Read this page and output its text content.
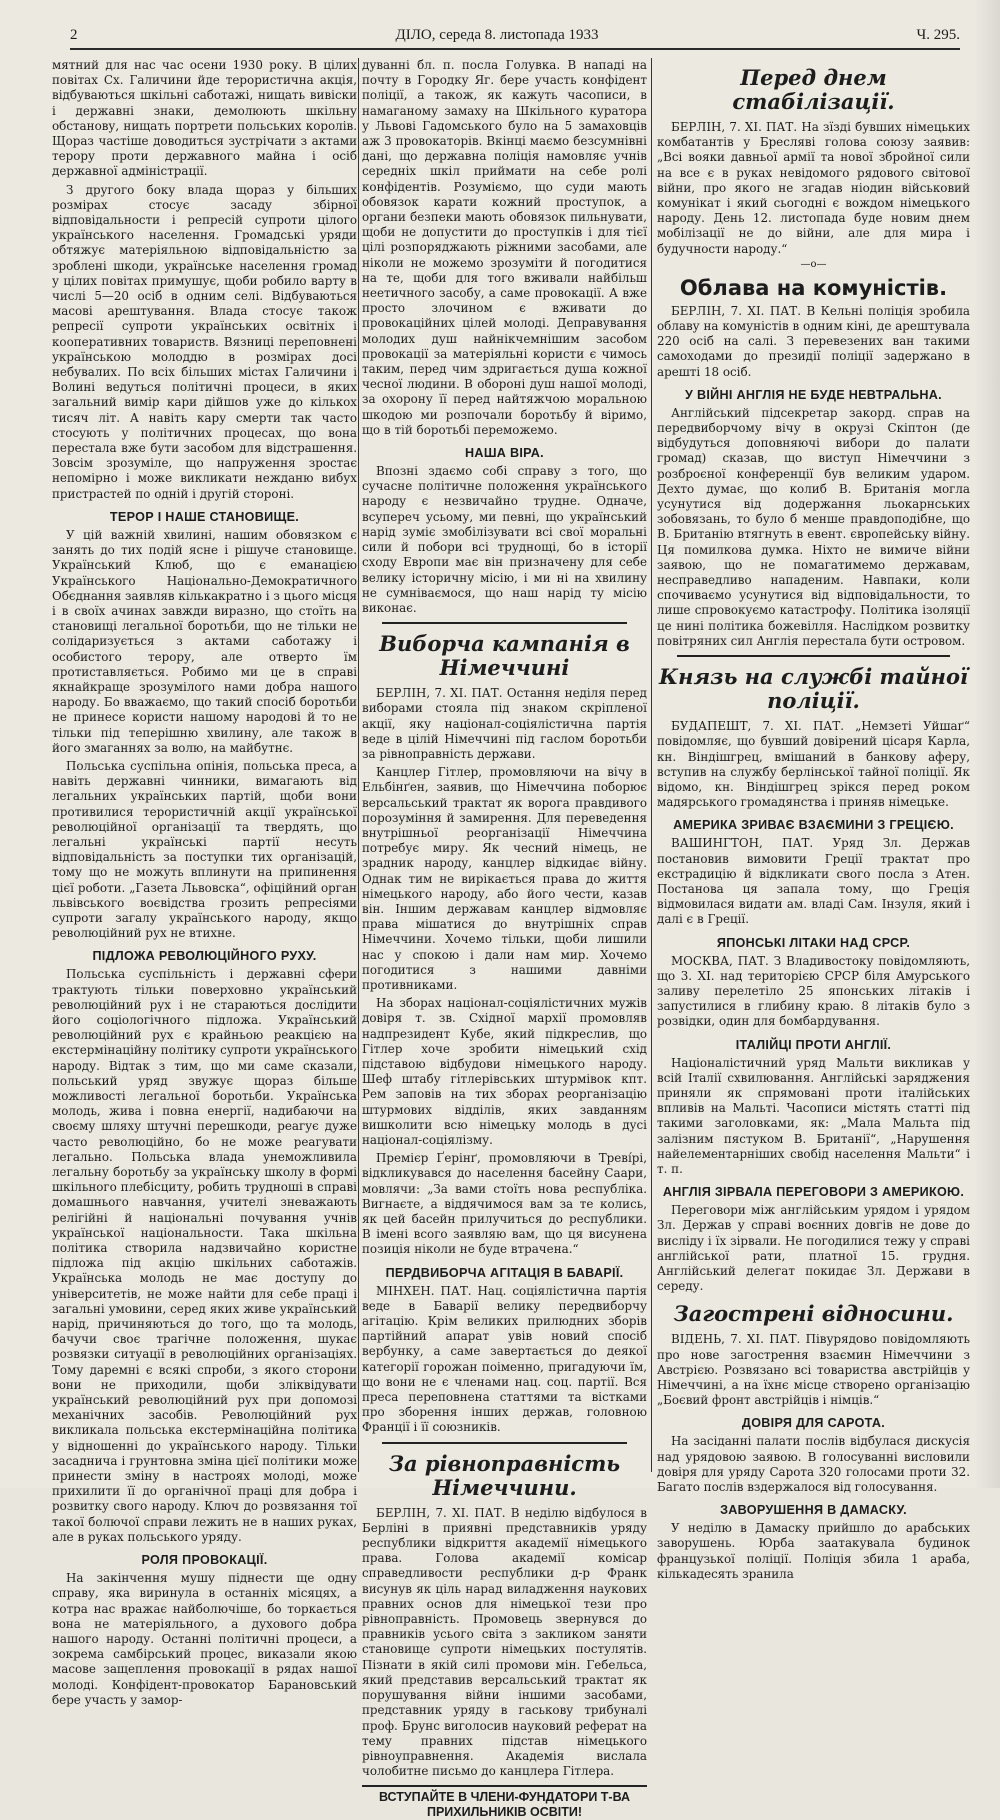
2	ДІЛО, середа 8. листопада 1933	Ч. 295.

мятний для нас час осени 1930 року. В цілих повітах Сх. Галичини йде терористична акція, відбуваються шкільні саботажі, нищать вивіски і державні знаки, демолюють шкільну обстанову, нищать портрети польських королів. Щораз частіше доводиться зустрічати з актами терору проти державного майна і осіб державної адміністрації.

З другого боку влада щораз у більших розмірах стосує засаду збірної відповідальности і репресій супроти цілого українського населення. Громадські уряди обтяжує матеріяльною відповідальністю за зроблені шкоди, українське населення громад у цілих повітах примушує, щоби робило варту в числі 5—20 осіб в одним селі. Відбуваються масові арештування. Влада стосує також репресії супроти українських освітніх і кооперативних товариств. Вязниці переповнені українською молоддю в розмірах досі небувалих. По всіх більших містах Галичини і Волині ведуться політичні процеси, в яких загальний вимір кари дійшов уже до кількох тисяч літ. А навіть кару смерти так часто стосують у політичних процесах, що вона перестала вже бути засобом для відстрашення. Зовсім зрозуміле, що напруження зростає непомірно і може викликати нежданю вибух пристрастей по одній і другій стороні.

ТЕРОР І НАШЕ СТАНОВИЩЕ.

У цій важній хвилині, нашим обовязком є занять до тих подій ясне і рішуче становище. Український Клюб, що є еманацією Українського Національно-Демократичного Обєднання заявляв кількакратно і з цього місця і в своїх ачинах завжди виразно, що стоїть на становищі легальної боротьби, що не тільки не солідаризується з актами саботажу і особистого терору, але отверто їм протиставляється. Робимо ми це в справі якнайкраще зрозумілого нами добра нашого народу. Бо вважаємо, що такий спосіб боротьби не принесе користи нашому народові й то не тільки під теперішню хвилину, але також в його змаганнях за волю, на майбутнє.

Польська суспільна опінія, польська преса, а навіть державні чинники, вимагають від легальних українських партій, щоби вони противилися терористичній акції української революційної організації та твердять, що легальні українські партії несуть відповідальність за поступки тих організацій, тому що не можуть вплинути на припинення цієї роботи. „Газета Львовска“, офіційний орган львівського воєвідства грозить репресіями супроти загалу українського народу, якщо революційний рух не втихне.

ПІДЛОЖА РЕВОЛЮЦІЙНОГО РУХУ.

Польська суспільність і державні сфери трактують тільки поверховно український революційний рух і не стараються дослідити його соціологічного підложа. Український революційний рух є крайньою реакцією на екстермінаційну політику супроти українського народу. Відтак з тим, що ми саме сказали, польський уряд звужує щораз більше можливості легальної боротьби. Українська молодь, жива і повна енергії, надибаючи на своєму шляху штучні перешкоди, реагує дуже часто революційно, бо не може реагувати легально. Польська влада унеможливила легальну боротьбу за українську школу в формі шкільного плебісциту, робить трудноші в справі домашнього навчання, учителі зневажають релігійні й національні почування учнів української національности. Така шкільна політика створила надзвичайно користне підложа під акцію шкільних саботажів. Українська молодь не має доступу до університетів, не може найти для себе праці і загальні умовини, серед яких живе український нарід, причиняються до того, що та молодь, бачучи своє трагічне положення, шукає розвязки ситуації в революційних організаціях. Тому даремні є всякі спроби, з якого сторони вони не приходили, щоби зліквідувати український революційний рух при допомозі механічних засобів. Революційний рух викликала польська екстермінаційна політика у відношенні до українського народу. Тільки засаднича і грунтовна зміна цієї політики може принести зміну в настроях молоді, може прихилити її до органічної праці для добра і розвитку свого народу. Ключ до розвязання тої такої болючої справи лежить не в наших руках, але в руках польського уряду.

РОЛЯ ПРОВОКАЦІЇ.

На закінчення мушу піднести ще одну справу, яка виринула в останніх місяцях, а котра нас вражає найболючіше, бо торкається вона не матеріяльного, а духового добра нашого народу. Останні політичні процеси, а зокрема самбірський процес, виказали якою масове защеплення провокації в рядах нашої молоді. Конфідент-провокатор Барановський бере участь у замор-

дуванні бл. п. посла Голувка. В нападі на почту в Городку Яг. бере участь конфідент поліції, а також, як кажуть часописи, в намаганому замаху на Шкільного куратора у Львові Гадомського було на 5 замаховців аж 3 провокаторів. Вкінці маємо безсумнівні дані, що державна поліція намовляє учнів середніх шкіл приймати на себе ролі конфідентів. Розуміємо, що суди мають обовязок карати кожний проступок, а органи безпеки мають обовязок пильнувати, щоби не допустити до проступків і для тієї цілі розпоряджають ріжними засобами, але ніколи не можемо зрозуміти й погодитися на те, щоби для того вживали найбільш неетичного засобу, а саме провокації. А вже просто злочином є вживати до провокаційних цілей молоді. Деправування молодих душ найнікчемнішим засобом провокації за матеріяльні користи є чимось таким, перед чим здригається душа кожної чесної людини. В обороні душ нашої молоді, за охорону її перед найтяжчою моральною шкодою ми розпочали боротьбу й віримо, що в тій боротьбі переможемо.

НАША ВІРА.

Впозні здаємо собі справу з того, що сучасне політичне положення українського народу є незвичайно трудне. Одначе, всупереч усьому, ми певні, що український нарід зуміє змобілізувати всі свої моральні сили й побори всі труднощі, бо в історії сходу Европи має він призначену для себе велику історичну місію, і ми ні на хвилину не сумніваємося, що наш нарід ту місію виконає.

Виборча кампанія в Німеччині

БЕРЛІН, 7. ХІ. ПАТ. Остання неділя перед виборами стояла під знаком скріпленої акції, яку націонал-соціялістична партія веде в цілій Німеччині під гаслом боротьби за рівноправність держави.

Канцлер Гітлер, промовляючи на вічу в Ельбінґен, заявив, що Німеччина поборює версальський трактат як ворога правдивого порозуміння й замирення. Для переведення внутрішньої реорганізації Німеччина потребує миру. Як чесний німець, не зрадник народу, канцлер відкидає війну. Однак тим не вирікається права до життя німецького народу, або його чести, казав він. Іншим державам канцлер відмовляє права мішатися до внутрішніх справ Німеччини. Хочемо тільки, щоби лишили нас у спокою і дали нам мир. Хочемо погодитися з нашими давніми противниками.

На зборах націонал-соціялістичних мужів довіря т. зв. Східної мархії промовляв надпрезидент Кубе, який підкреслив, що Гітлер хоче зробити німецький схід підставою відбудови німецького народу. Шеф штабу гітлерівських штурмівок кпт. Рем заповів на тих зборах реорганізацію штурмових відділів, яких завданням вишколити всю німецьку молодь в дусі націонал-соціялізму.

Премієр Ґерінґ, промовляючи в Треві́рі, відкликувався до населення басейну Саари, мовлячи: „За вами стоїть нова республіка. Вигнаєте, а віддячимося вам за те колись, як цей басейн прилучиться до республики. В імені всого заявляю вам, що ця висунена позиція ніколи не буде втрачена.“

ПЕРДВИБОРЧА АГІТАЦІЯ В БАВАРІЇ.

МІНХЕН. ПАТ. Нац. соціялістична партія веде в Баварії велику передвиборчу агітацію. Крім великих прилюдних зборів партійний апарат увів новий спосіб вербунку, а саме завертається до деякої категорії горожан поіменно, пригадуючи їм, що вони не є членами нац. соц. партії. Вся преса переповнена статтями та вістками про зборення інших держав, головною Франції і її союзників.

За рівноправність Німеччини.

БЕРЛІН, 7. ХІ. ПАТ. В неділю відбулося в Берліні в приявні представників уряду республики відкриття академії німецького права. Голова академії комісар справедливости республики д-р Франк висунув як ціль нарад виладження наукових правних основ для німецької тези про рівноправність. Промовець звернувся до правників усього світа з закликом заняти становище супроти німецьких постулятів. Пізнати в якій силі промови мін. Гебельса, який представив версальський трактат як порушування війни іншими засобами, представник уряду в гаськову трибуналі проф. Брунс виголосив науковий реферат на тему правних підстав німецького рівноуправнення. Академія вислала чолобитне письмо до канцлера Гітлера.

ВСТУПАЙТЕ В ЧЛЕНИ-ФУНДАТОРИ Т-ВА ПРИХИЛЬНИКІВ ОСВІТИ!
Перед днем стабілізації.

БЕРЛІН, 7. ХІ. ПАТ. На зїзді бувших німецьких комбатантів у Бресляві голова союзу заявив: „Всі вояки давньої армії та нової збройної сили на все є в руках невідомого рядового світової війни, про якого не згадав ніодин військовий комунікат і який сьогодні є вождом німецького народу. День 12. листопада буде новим днем мобілізації не до війни, але для мира і будучности народу.“

—о—
Облава на комуністів.

БЕРЛІН, 7. ХІ. ПАТ. В Кельні поліція зробила облаву на комуністів в одним кіні, де арештувала 220 осіб на салі. З перевезених ван такими самоходами до президії поліції задержано в арешті 18 осіб.

У ВІЙНІ АНГЛІЯ НЕ БУДЕ НЕВТРАЛЬНА.

Англійський підсекретар закорд. справ на передвиборчому вічу в окрузі Скіптон (де відбудуться доповняючі вибори до палати громад) сказав, що виступ Німеччини з розброєної конференції був великим ударом. Дехто думає, що колиб В. Британія могла усунутися від додержання льокарнських зобовязань, то було б менше правдоподібне, що В. Британію втягнуть в евент. європейську війну. Ця помилкова думка. Ніхто не вимиче війни заявою, що не помагатимемо державам, несправедливо нападеним. Навпаки, коли спочиваємо усунутися від відповідальности, то лише спровокуємо катастрофу. Політика ізоляції це нині політика божевілля. Наслідком розвитку повітряних сил Англія перестала бути островом.

Князь на службі тайної поліції.

БУДАПЕШТ, 7. ХІ. ПАТ. „Немзеті Уйшаґ“ повідомляє, що бувший довірений цісаря Карла, кн. Віндішгрец, вмішаний в банкову аферу, вступив на службу берлінської тайної поліції. Як відомо, кн. Віндішгрец зрікся перед роком мадярського громадянства і приняв німецьке.

АМЕРИКА ЗРИВАЄ ВЗАЄМИНИ З ГРЕЦІЄЮ.

ВАШИНГТОН, ПАТ. Уряд Зл. Держав постановив вимовити Греції трактат про екстрадицію й відкликати свого посла з Атен. Постанова ця запала тому, що Греція відмовилася видати ам. владі Сам. Інзуля, який і далі є в Греції.

ЯПОНСЬКІ ЛІТАКИ НАД СРСР.

МОСКВА, ПАТ. З Владивостоку повідомляють, що 3. ХІ. над територією СРСР біля Амурського заливу перелетіло 25 японських літаків і запустилися в глибину краю. 8 літаків було з розвідки, один для бомбардування.

ІТАЛІЙЦІ ПРОТИ АНГЛІЇ.

Націоналістичний уряд Мальти викликав у всій Італії схвилювання. Англійські заряджения приняли як спрямовані проти італійських впливів на Мальті. Часописи містять статті під такими заголовками, як: „Мала Мальта під залізним пястуком В. Британії“, „Нарушення найелементарніших свобід населення Мальти“ і т. п.

АНГЛІЯ ЗІРВАЛА ПЕРЕГОВОРИ З АМЕРИКОЮ.

Переговори між англійським урядом і урядом Зл. Держав у справі воєнних довгів не дове до висліду і їх зірвали. Не погодилися тежу у справі англійської рати, платної 15. грудня. Англійський делегат покидає Зл. Держави в середу.

Загострені відносини.

ВІДЕНЬ, 7. ХІ. ПАТ. Півурядово повідомляють про нове загострення взаємин Німеччини з Австрією. Розвязано всі товариства австрійців у Німеччині, а на їхнє місце створено організацію „Боєвий фронт австрійців і німців.“

ДОВІРЯ ДЛЯ САРОТА.

На засіданні палати послів відбулася дискусія над урядовою заявою. В голосуванні висловили довіря для уряду Сарота 320 голосами проти 32. Багато послів вздержалося від голосування.

ЗАВОРУШЕННЯ В ДАМАСКУ.

У неділю в Дамаску прийшло до арабських заворушень. Юрба заатакувала будинок французької поліції. Поліція збила 1 араба, кількадесять зранила
